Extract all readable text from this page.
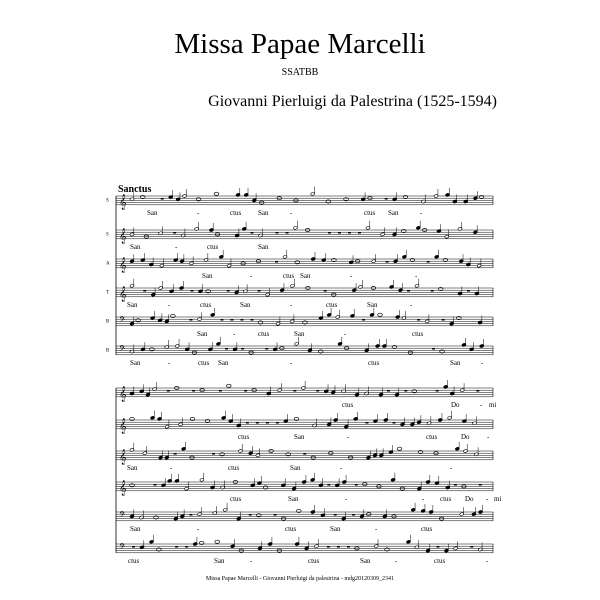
Missa Papae Marcelli
SSATBB
Giovanni Pierluigi da Palestrina (1525-1594)
Sanctus
𝄞
S
San	-	ctus San	-	ctus San	-
𝄞
S
San	-	ctus	San
𝄞
A
San	-	ctus San	-	-
𝄞
T
San	-	ctus	San	-	ctus	San	-
𝄢
B
San	-	ctus	San	-	ctus
𝄢
B
San	-	ctus San	-	ctus	San	-
𝄞
ctus	Do	- mi
𝄞
ctus	San	-	ctus	Do -
𝄞
San	-	ctus	San	-	-
𝄞
ctus	San	-	- ctus Do - mi
𝄢
San	-	ctus	San	-	ctus
𝄢
ctus	San	-	ctus	San	-	ctus	-
Missa Papae Marcelli - Giovanni Pierluigi da palestrina - mdg20120309_2341
